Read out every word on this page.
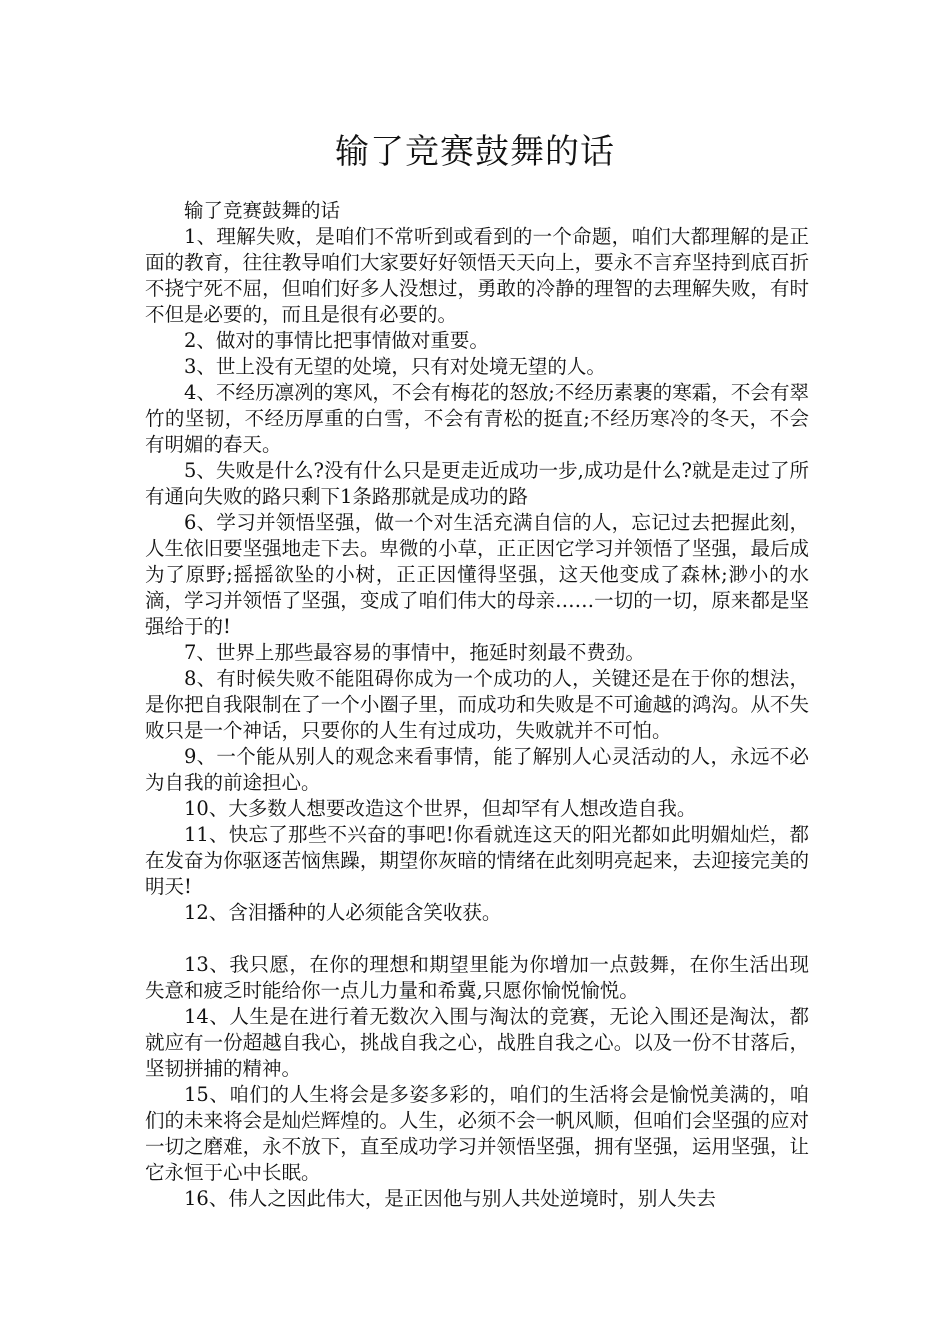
输了竞赛鼓舞的话

输了竞赛鼓舞的话

1、理解失败，是咱们不常听到或看到的一个命题，咱们大都理解的是正面的教育，往往教导咱们大家要好好领悟天天向上，要永不言弃坚持到底百折不挠宁死不屈，但咱们好多人没想过，勇敢的冷静的理智的去理解失败，有时不但是必要的，而且是很有必要的。

2、做对的事情比把事情做对重要。

3、世上没有无望的处境，只有对处境无望的人。

4、不经历凛冽的寒风，不会有梅花的怒放;不经历素裹的寒霜，不会有翠竹的坚韧，不经历厚重的白雪，不会有青松的挺直;不经历寒冷的冬天，不会有明媚的春天。

5、失败是什么?没有什么只是更走近成功一步,成功是什么?就是走过了所有通向失败的路只剩下1条路那就是成功的路

6、学习并领悟坚强，做一个对生活充满自信的人，忘记过去把握此刻，人生依旧要坚强地走下去。卑微的小草，正正因它学习并领悟了坚强，最后成为了原野;摇摇欲坠的小树，正正因懂得坚强，这天他变成了森林;渺小的水滴，学习并领悟了坚强，变成了咱们伟大的母亲……一切的一切，原来都是坚强给于的!

7、世界上那些最容易的事情中，拖延时刻最不费劲。

8、有时候失败不能阻碍你成为一个成功的人，关键还是在于你的想法，是你把自我限制在了一个小圈子里，而成功和失败是不可逾越的鸿沟。从不失败只是一个神话，只要你的人生有过成功，失败就并不可怕。

9、一个能从别人的观念来看事情，能了解别人心灵活动的人，永远不必为自我的前途担心。

10、大多数人想要改造这个世界，但却罕有人想改造自我。

11、快忘了那些不兴奋的事吧!你看就连这天的阳光都如此明媚灿烂，都在发奋为你驱逐苦恼焦躁，期望你灰暗的情绪在此刻明亮起来，去迎接完美的明天!

12、含泪播种的人必须能含笑收获。

13、我只愿，在你的理想和期望里能为你增加一点鼓舞，在你生活出现失意和疲乏时能给你一点儿力量和希冀,只愿你愉悦愉悦。

14、人生是在进行着无数次入围与淘汰的竞赛，无论入围还是淘汰，都就应有一份超越自我心，挑战自我之心，战胜自我之心。以及一份不甘落后，坚韧拼捕的精神。

15、咱们的人生将会是多姿多彩的，咱们的生活将会是愉悦美满的，咱们的未来将会是灿烂辉煌的。人生，必须不会一帆风顺，但咱们会坚强的应对一切之磨难，永不放下，直至成功学习并领悟坚强，拥有坚强，运用坚强，让它永恒于心中长眠。

16、伟人之因此伟大，是正因他与别人共处逆境时，别人失去
